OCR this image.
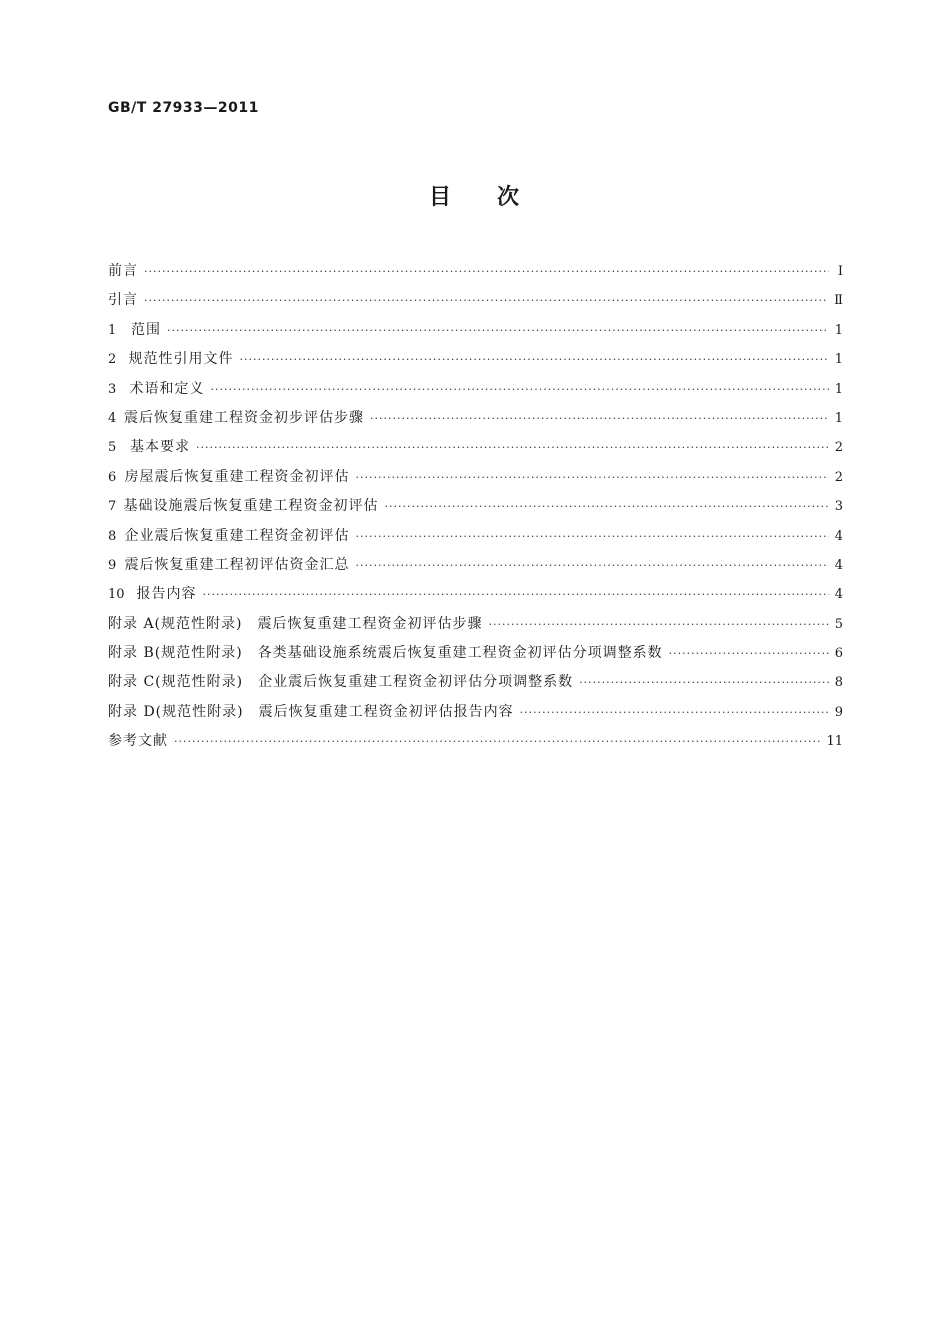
GB/T 27933—2011
目 次
前言 ·····	Ⅰ
引言 ·····	Ⅱ
1	范围 ·····	1
2 规范性引用文件 ·····	1
3 术语和定义 ·····	1
4 震后恢复重建工程资金初步评估步骤 ·····	1
5 基本要求 ·····	2
6 房屋震后恢复重建工程资金初评估 ·····	2
7 基础设施震后恢复重建工程资金初评估 ·····	3
8 企业震后恢复重建工程资金初评估 ·····	4
9 震后恢复重建工程初评估资金汇总 ·····	4
10 报告内容 ·····	4
附录 A(规范性附录)　震后恢复重建工程资金初评估步骤 ·····	5
附录 B(规范性附录)　各类基础设施系统震后恢复重建工程资金初评估分项调整系数 ·····	6
附录 C(规范性附录)　企业震后恢复重建工程资金初评估分项调整系数 ·····	8
附录 D(规范性附录)　震后恢复重建工程资金初评估报告内容 ·····	9
参考文献 ·····	11
